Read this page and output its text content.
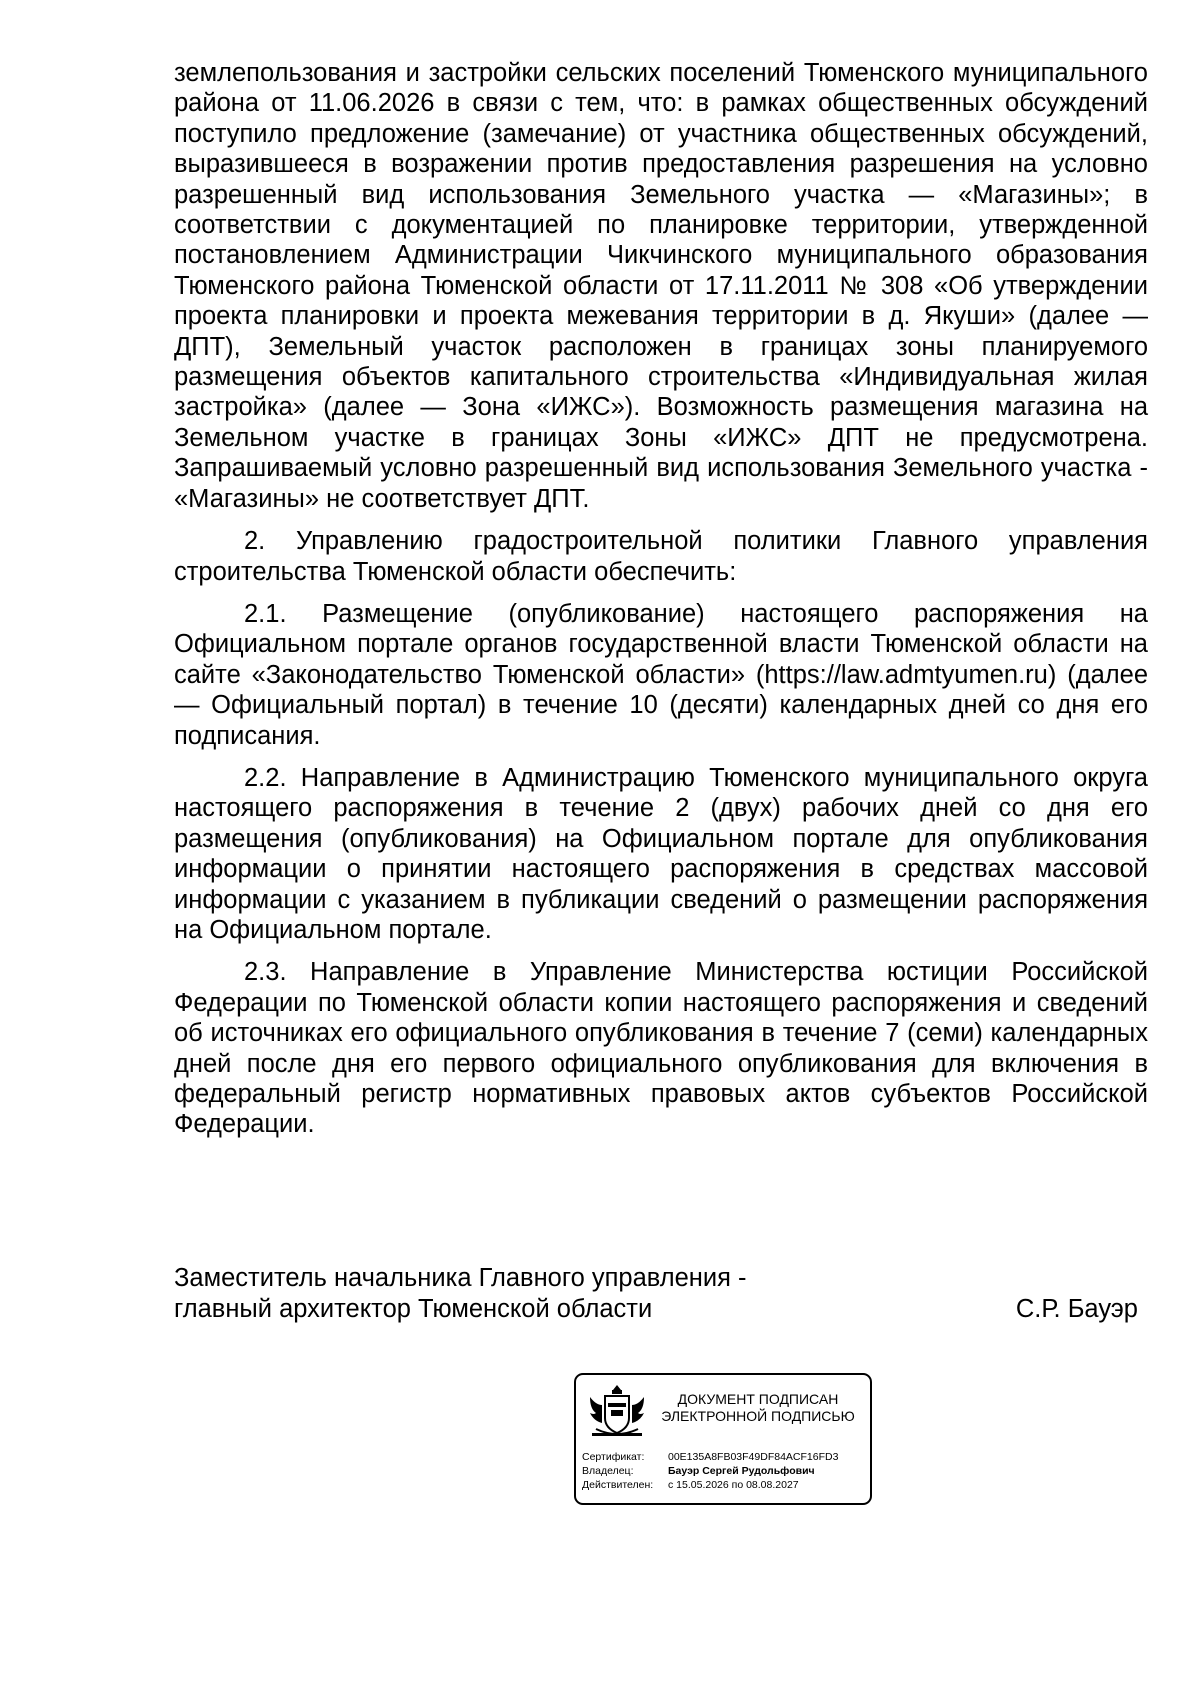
землепользования и застройки сельских поселений Тюменского муниципального района от 11.06.2026 в связи с тем, что: в рамках общественных обсуждений поступило предложение (замечание) от участника общественных обсуждений, выразившееся в возражении против предоставления разрешения на условно разрешенный вид использования Земельного участка — «Магазины»; в соответствии с документацией по планировке территории, утвержденной постановлением Администрации Чикчинского муниципального образования Тюменского района Тюменской области от 17.11.2011 № 308 «Об утверждении проекта планировки и проекта межевания территории в д. Якуши» (далее — ДПТ), Земельный участок расположен в границах зоны планируемого размещения объектов капитального строительства «Индивидуальная жилая застройка» (далее — Зона «ИЖС»). Возможность размещения магазина на Земельном участке в границах Зоны «ИЖС» ДПТ не предусмотрена. Запрашиваемый условно разрешенный вид использования Земельного участка - «Магазины» не соответствует ДПТ.

2. Управлению градостроительной политики Главного управления строительства Тюменской области обеспечить:

2.1. Размещение (опубликование) настоящего распоряжения на Официальном портале органов государственной власти Тюменской области на сайте «Законодательство Тюменской области» (https://law.admtyumen.ru) (далее — Официальный портал) в течение 10 (десяти) календарных дней со дня его подписания.

2.2. Направление в Администрацию Тюменского муниципального округа настоящего распоряжения в течение 2 (двух) рабочих дней со дня его размещения (опубликования) на Официальном портале для опубликования информации о принятии настоящего распоряжения в средствах массовой информации с указанием в публикации сведений о размещении распоряжения на Официальном портале.

2.3. Направление в Управление Министерства юстиции Российской Федерации по Тюменской области копии настоящего распоряжения и сведений об источниках его официального опубликования в течение 7 (семи) календарных дней после дня его первого официального опубликования для включения в федеральный регистр нормативных правовых актов субъектов Российской Федерации.

Заместитель начальника Главного управления -
главный архитектор Тюменской области	С.Р. Бауэр
ДОКУМЕНТ ПОДПИСАН
ЭЛЕКТРОННОЙ ПОДПИСЬЮ
Сертификат: 00E135A8FB03F49DF84ACF16FD3
Владелец:	Бауэр Сергей Рудольфович
Действителен: с 15.05.2026 по 08.08.2027
